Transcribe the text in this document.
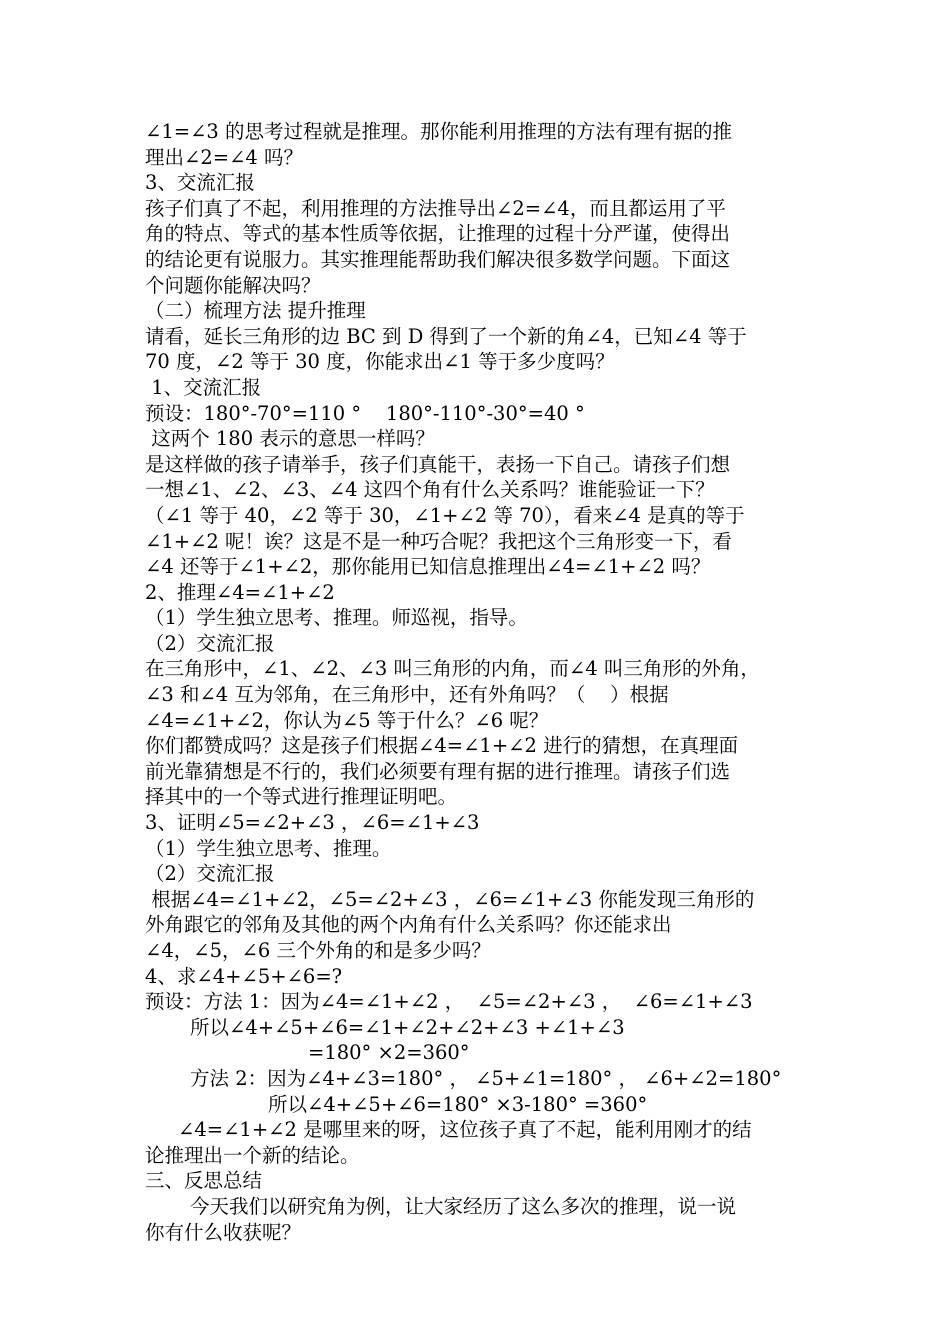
∠1=∠3 的思考过程就是推理。那你能利用推理的方法有理有据的推
理出∠2=∠4 吗？
3、交流汇报
孩子们真了不起，利用推理的方法推导出∠2=∠4，而且都运用了平
角的特点、等式的基本性质等依据，让推理的过程十分严谨，使得出
的结论更有说服力。其实推理能帮助我们解决很多数学问题。下面这
个问题你能解决吗？
（二）梳理方法 提升推理
请看，延长三角形的边 BC 到 D 得到了一个新的角∠4，已知∠4 等于
70 度，∠2 等于 30 度，你能求出∠1 等于多少度吗？
1、交流汇报
预设：180°-70°=110 °    180°-110°-30°=40 °
这两个 180 表示的意思一样吗？
是这样做的孩子请举手，孩子们真能干，表扬一下自己。请孩子们想
一想∠1、∠2、∠3、∠4 这四个角有什么关系吗？谁能验证一下？
（∠1 等于 40，∠2 等于 30，∠1+∠2 等 70），看来∠4 是真的等于
∠1+∠2 呢！诶？这是不是一种巧合呢？我把这个三角形变一下，看
∠4 还等于∠1+∠2，那你能用已知信息推理出∠4=∠1+∠2 吗？
2、推理∠4=∠1+∠2
（1）学生独立思考、推理。师巡视，指导。
（2）交流汇报
在三角形中，∠1、∠2、∠3 叫三角形的内角，而∠4 叫三角形的外角，
∠3 和∠4 互为邻角，在三角形中，还有外角吗？（    ）根据
∠4=∠1+∠2，你认为∠5 等于什么？∠6 呢？
你们都赞成吗？这是孩子们根据∠4=∠1+∠2 进行的猜想，在真理面
前光靠猜想是不行的，我们必须要有理有据的进行推理。请孩子们选
择其中的一个等式进行推理证明吧。
3、证明∠5=∠2+∠3 ，∠6=∠1+∠3
（1）学生独立思考、推理。
（2）交流汇报
根据∠4=∠1+∠2，∠5=∠2+∠3 ，∠6=∠1+∠3 你能发现三角形的
外角跟它的邻角及其他的两个内角有什么关系吗？你还能求出
∠4，∠5，∠6 三个外角的和是多少吗？
4、求∠4+∠5+∠6=?
预设：方法 1：因为∠4=∠1+∠2 ，  ∠5=∠2+∠3 ，  ∠6=∠1+∠3
所以∠4+∠5+∠6=∠1+∠2+∠2+∠3 +∠1+∠3
=180° ×2=360°
方法 2：因为∠4+∠3=180° ， ∠5+∠1=180° ， ∠6+∠2=180°
所以∠4+∠5+∠6=180° ×3-180° =360°
∠4=∠1+∠2 是哪里来的呀，这位孩子真了不起，能利用刚才的结
论推理出一个新的结论。
三、反思总结
今天我们以研究角为例，让大家经历了这么多次的推理，说一说
你有什么收获呢？
